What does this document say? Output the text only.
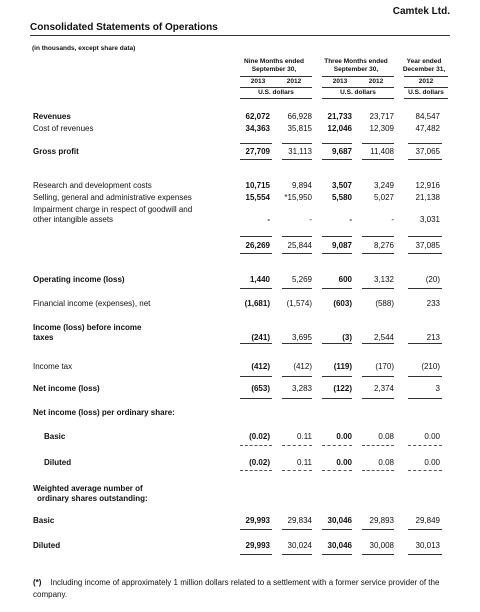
Camtek Ltd.
Consolidated Statements of Operations
(in thousands, except share data)
Nine Months ended
September 30,
2013	2012
U.S. dollars
Three Months ended
September 30,
2013	2012
U.S. dollars
Year ended
December 31,
2012
U.S. dollars
Revenues	62,072	66,928	21,733	23,717	84,547
Cost of revenues	34,363	35,815	12,046	12,309	47,482
Gross profit	27,709	31,113	9,687	11,408	37,065
Research and development costs	10,715	9,894	3,507	3,249	12,916
Selling, general and administrative expenses	15,554	*15,950	5,580	5,027	21,138
Impairment charge in respect of goodwill and
other intangible assets	-	-	-	-	3,031
26,269	25,844	9,087	8,276	37,085
Operating income (loss)	1,440	5,269	600	3,132	(20)
Financial income (expenses), net	(1,681)	(1,574)	(603)	(588)	233
Income (loss) before income
taxes	(241)	3,695	(3)	2,544	213
Income tax	(412)	(412)	(119)	(170)	(210)
Net income (loss)	(653)	3,283	(122)	2,374	3
Net income (loss) per ordinary share:
Basic	(0.02)	0.11	0.00	0.08	0.00
Diluted	(0.02)	0.11	0.00	0.08	0.00
Weighted average number of
ordinary shares outstanding:
Basic	29,993	29,834	30,046	29,893	29,849
Diluted	29,993	30,024	30,046	30,008	30,013
(*) Including income of approximately 1 million dollars related to a settlement with a former service provider of the company.
